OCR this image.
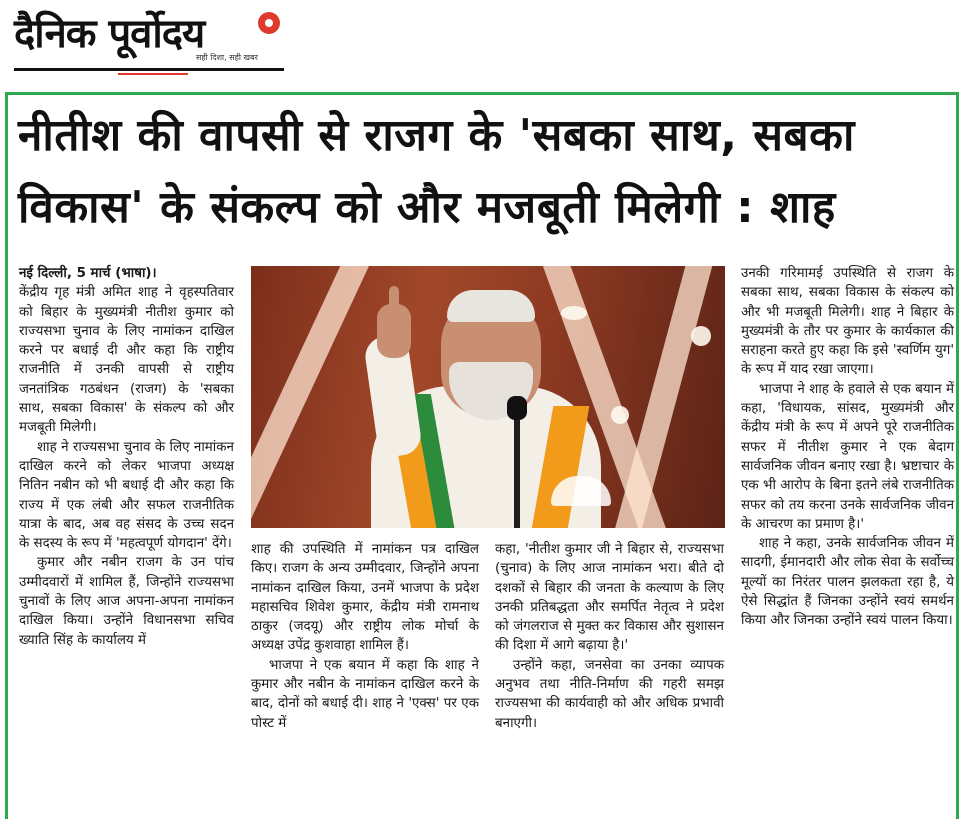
दैनिक पूर्वोदय
सही दिशा, सही खबर
नीतीश की वापसी से राजग के 'सबका साथ, सबका विकास' के संकल्प को और मजबूती मिलेगी : शाह

नई दिल्ली, 5 मार्च (भाषा)।

केंद्रीय गृह मंत्री अमित शाह ने वृहस्पतिवार को बिहार के मुख्यमंत्री नीतीश कुमार को राज्यसभा चुनाव के लिए नामांकन दाखिल करने पर बधाई दी और कहा कि राष्ट्रीय राजनीति में उनकी वापसी से राष्ट्रीय जनतांत्रिक गठबंधन (राजग) के 'सबका साथ, सबका विकास' के संकल्प को और मजबूती मिलेगी।

शाह ने राज्यसभा चुनाव के लिए नामांकन दाखिल करने को लेकर भाजपा अध्यक्ष नितिन नबीन को भी बधाई दी और कहा कि राज्य में एक लंबी और सफल राजनीतिक यात्रा के बाद, अब वह संसद के उच्च सदन के सदस्य के रूप में 'महत्वपूर्ण योगदान' देंगे।

कुमार और नबीन राजग के उन पांच उम्मीदवारों में शामिल हैं, जिन्होंने राज्यसभा चुनावों के लिए आज अपना-अपना नामांकन दाखिल किया। उन्होंने विधानसभा सचिव ख्याति सिंह के कार्यालय में

शाह की उपस्थिति में नामांकन पत्र दाखिल किए। राजग के अन्य उम्मीदवार, जिन्होंने अपना नामांकन दाखिल किया, उनमें भाजपा के प्रदेश महासचिव शिवेश कुमार, केंद्रीय मंत्री रामनाथ ठाकुर (जदयू) और राष्ट्रीय लोक मोर्चा के अध्यक्ष उपेंद्र कुशवाहा शामिल हैं।

भाजपा ने एक बयान में कहा कि शाह ने कुमार और नबीन के नामांकन दाखिल करने के बाद, दोनों को बधाई दी। शाह ने 'एक्स' पर एक पोस्ट में

कहा, 'नीतीश कुमार जी ने बिहार से, राज्यसभा (चुनाव) के लिए आज नामांकन भरा। बीते दो दशकों से बिहार की जनता के कल्याण के लिए उनकी प्रतिबद्धता और समर्पित नेतृत्व ने प्रदेश को जंगलराज से मुक्त कर विकास और सुशासन की दिशा में आगे बढ़ाया है।'

उन्होंने कहा, जनसेवा का उनका व्यापक अनुभव तथा नीति-निर्माण की गहरी समझ राज्यसभा की कार्यवाही को और अधिक प्रभावी बनाएगी।

उनकी गरिमामई उपस्थिति से राजग के सबका साथ, सबका विकास के संकल्प को और भी मजबूती मिलेगी। शाह ने बिहार के मुख्यमंत्री के तौर पर कुमार के कार्यकाल की सराहना करते हुए कहा कि इसे 'स्वर्णिम युग' के रूप में याद रखा जाएगा।

भाजपा ने शाह के हवाले से एक बयान में कहा, 'विधायक, सांसद, मुख्यमंत्री और केंद्रीय मंत्री के रूप में अपने पूरे राजनीतिक सफर में नीतीश कुमार ने एक बेदाग सार्वजनिक जीवन बनाए रखा है। भ्रष्टाचार के एक भी आरोप के बिना इतने लंबे राजनीतिक सफर को तय करना उनके सार्वजनिक जीवन के आचरण का प्रमाण है।'

शाह ने कहा, उनके सार्वजनिक जीवन में सादगी, ईमानदारी और लोक सेवा के सर्वोच्च मूल्यों का निरंतर पालन झलकता रहा है, ये ऐसे सिद्धांत हैं जिनका उन्होंने स्वयं समर्थन किया और जिनका उन्होंने स्वयं पालन किया।
